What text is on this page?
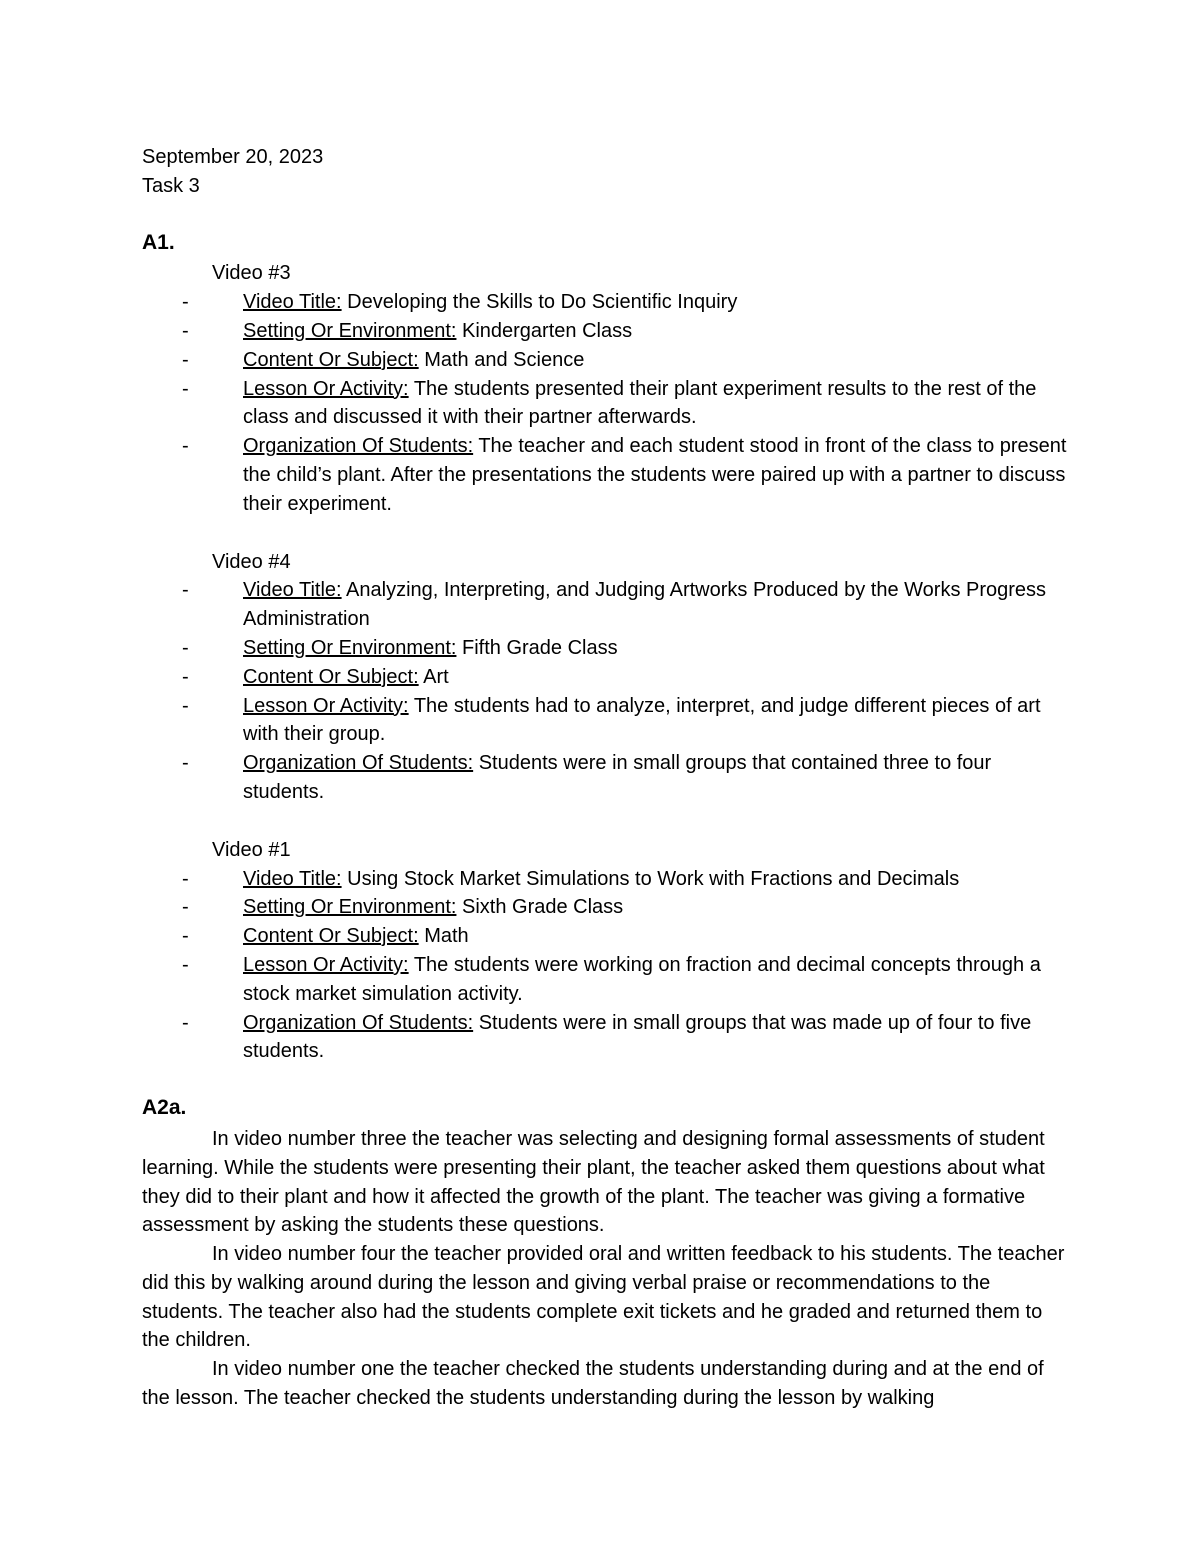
September 20, 2023
Task 3
A1.
Video #3
-	Video Title: Developing the Skills to Do Scientific Inquiry
-	Setting Or Environment: Kindergarten Class
-	Content Or Subject: Math and Science
-	Lesson Or Activity: The students presented their plant experiment results to the rest of the class and discussed it with their partner afterwards.
-	Organization Of Students: The teacher and each student stood in front of the class to present the child’s plant. After the presentations the students were paired up with a partner to discuss their experiment.
Video #4
-	Video Title: Analyzing, Interpreting, and Judging Artworks Produced by the Works Progress Administration
-	Setting Or Environment: Fifth Grade Class
-	Content Or Subject: Art
-	Lesson Or Activity: The students had to analyze, interpret, and judge different pieces of art with their group.
-	Organization Of Students: Students were in small groups that contained three to four students.
Video #1
-	Video Title: Using Stock Market Simulations to Work with Fractions and Decimals
-	Setting Or Environment: Sixth Grade Class
-	Content Or Subject: Math
-	Lesson Or Activity: The students were working on fraction and decimal concepts through a stock market simulation activity.
-	Organization Of Students: Students were in small groups that was made up of four to five students.
A2a.

In video number three the teacher was selecting and designing formal assessments of student learning. While the students were presenting their plant, the teacher asked them questions about what they did to their plant and how it affected the growth of the plant. The teacher was giving a formative assessment by asking the students these questions.

In video number four the teacher provided oral and written feedback to his students. The teacher did this by walking around during the lesson and giving verbal praise or recommendations to the students. The teacher also had the students complete exit tickets and he graded and returned them to the children.

In video number one the teacher checked the students understanding during and at the end of the lesson. The teacher checked the students understanding during the lesson by walking
